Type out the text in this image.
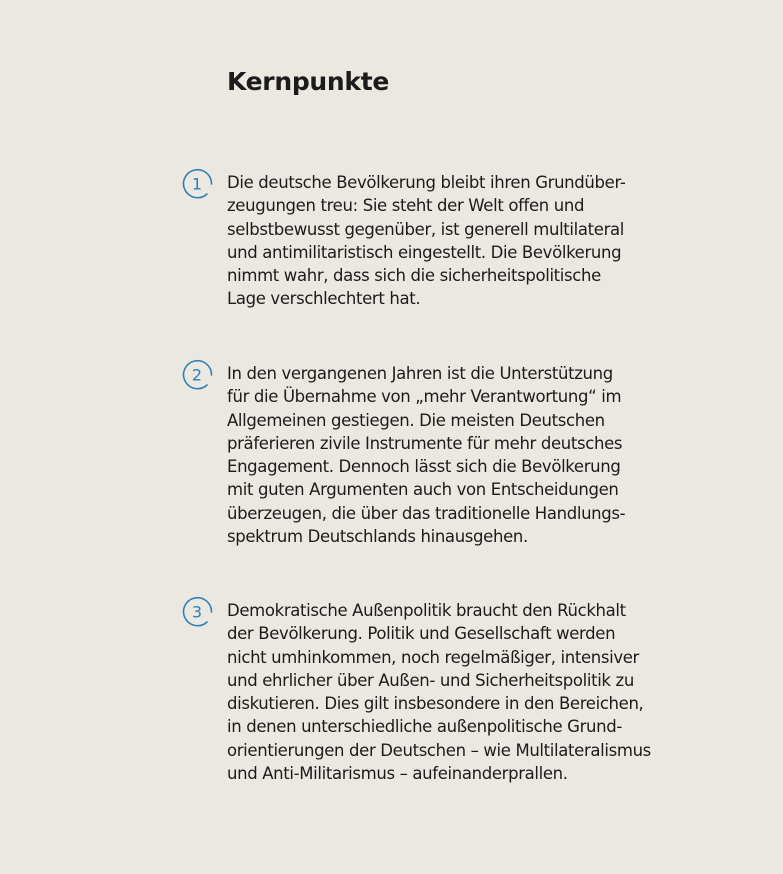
Kernpunkte
1 Die deutsche Bevölkerung bleibt ihren Grundüber-
zeugungen treu: Sie steht der Welt offen und
selbstbewusst gegenüber, ist generell multilateral
und antimilitaristisch eingestellt. Die Bevölkerung
nimmt wahr, dass sich die sicherheitspolitische
Lage verschlechtert hat.

2 In den vergangenen Jahren ist die Unterstützung
für die Übernahme von „mehr Verantwortung“ im
Allgemeinen gestiegen. Die meisten Deutschen
präferieren zivile Instrumente für mehr deutsches
Engagement. Dennoch lässt sich die Bevölkerung
mit guten Argumenten auch von Entscheidungen
überzeugen, die über das traditionelle Handlungs-
spektrum Deutschlands hinausgehen.

3 Demokratische Außenpolitik braucht den Rückhalt
der Bevölkerung. Politik und Gesellschaft werden
nicht umhinkommen, noch regelmäßiger, intensiver
und ehrlicher über Außen- und Sicherheitspolitik zu
diskutieren. Dies gilt insbesondere in den Bereichen,
in denen unterschiedliche außenpolitische Grund-
orientierungen der Deutschen – wie Multilateralismus
und Anti-Militarismus – aufeinanderprallen.
